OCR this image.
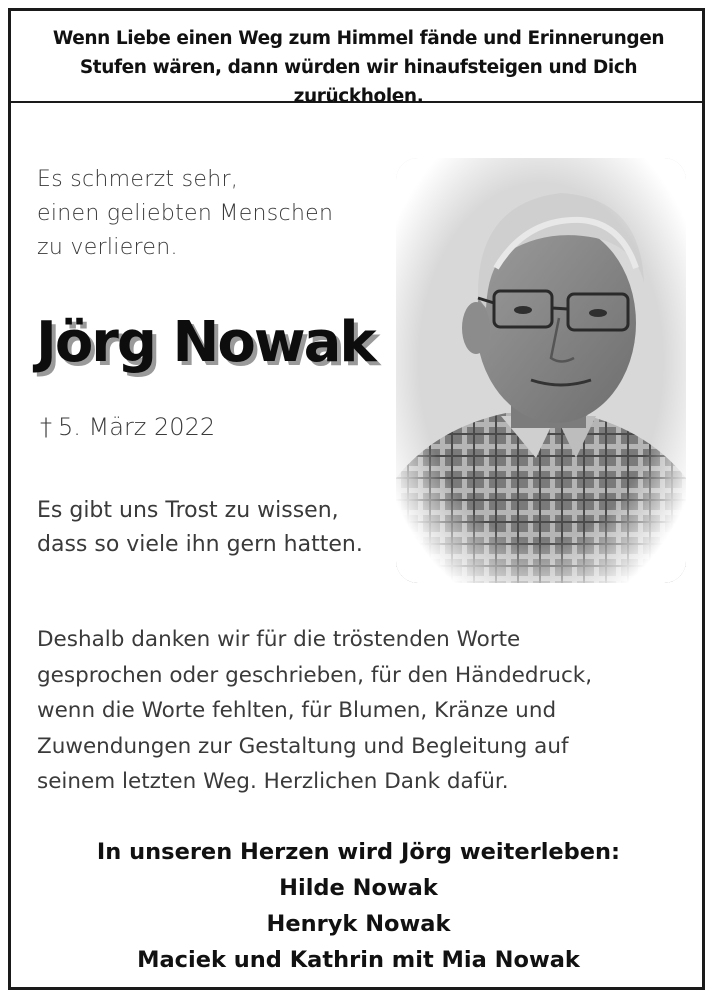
Wenn Liebe einen Weg zum Himmel fände und Erinnerungen
Stufen wären, dann würden wir hinaufsteigen und Dich zurückholen.
Es schmerzt sehr,
einen geliebten Menschen
zu verlieren.
Jörg Nowak
† 5. März 2022
Es gibt uns Trost zu wissen,
dass so viele ihn gern hatten.
Deshalb danken wir für die tröstenden Worte
gesprochen oder geschrieben, für den Händedruck,
wenn die Worte fehlten, für Blumen, Kränze und
Zuwendungen zur Gestaltung und Begleitung auf
seinem letzten Weg. Herzlichen Dank dafür.
In unseren Herzen wird Jörg weiterleben:
Hilde Nowak
Henryk Nowak
Maciek und Kathrin mit Mia Nowak
